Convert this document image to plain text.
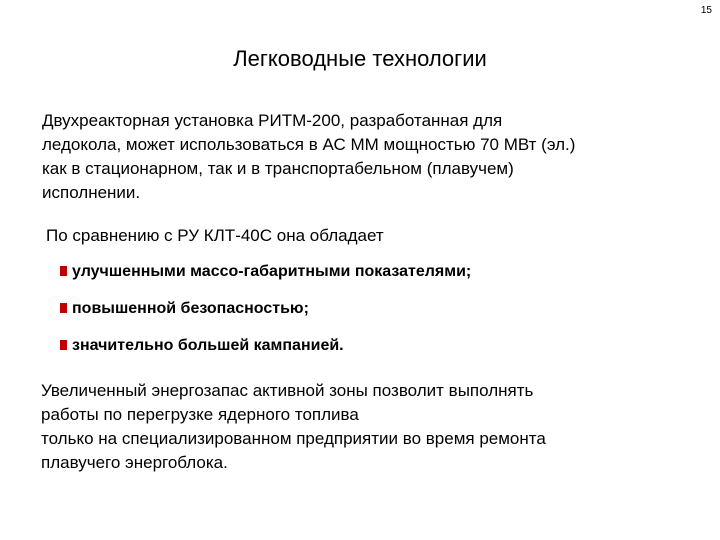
15
Легководные технологии

Двухреакторная установка РИТМ-200, разработанная для
ледокола, может использоваться в АС ММ мощностью 70 МВт (эл.)
как в стационарном, так и в транспортабельном (плавучем)
исполнении.

По сравнению с РУ КЛТ-40С она обладает

улучшенными массо-габаритными показателями;
повышенной безопасностью;
значительно большей кампанией.

Увеличенный энергозапас активной зоны позволит выполнять
работы по перегрузке ядерного топлива
только на специализированном предприятии во время ремонта
плавучего энергоблока.
